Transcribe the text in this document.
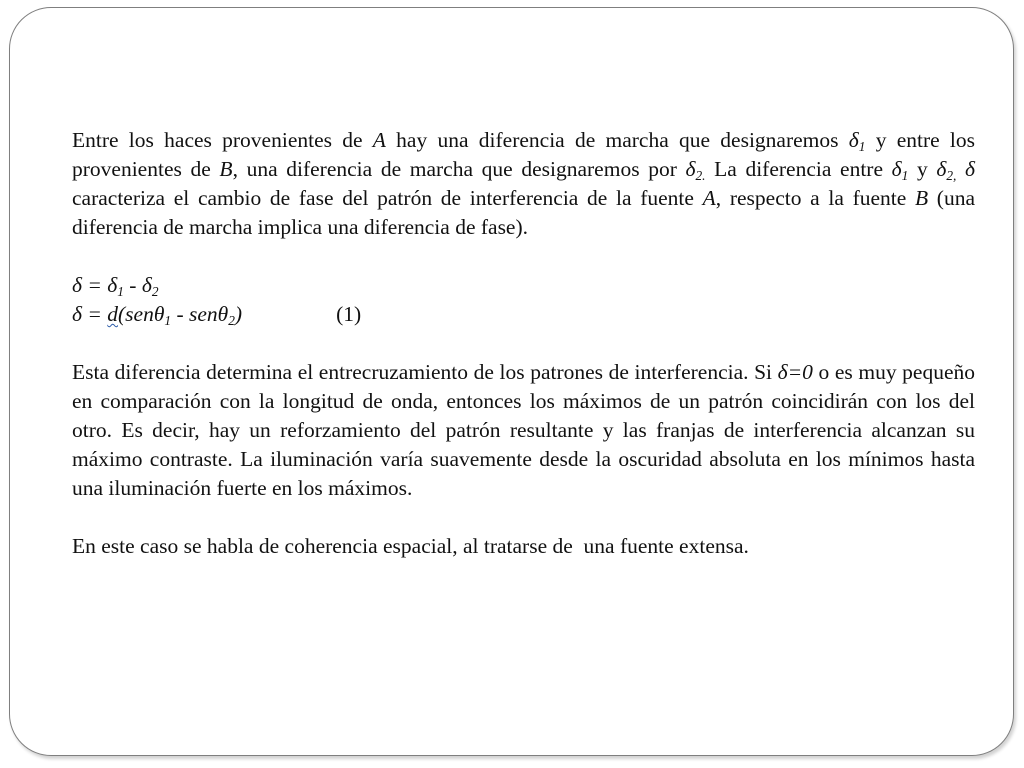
Entre los haces provenientes de A hay una diferencia de marcha que designaremos $\delta_1$ y entre los provenientes de B, una diferencia de marcha que designaremos por $\delta_{2.}$ La diferencia entre $\delta_1$ y $\delta_{2,}$ δ caracteriza el cambio de fase del patrón de interferencia de la fuente A, respecto a la fuente B (una diferencia de marcha implica una diferencia de fase).

$\delta = \delta_1 - \delta_2$

δ = d(senθ$_1$ - senθ$_2$)	(1)

Esta diferencia determina el entrecruzamiento de los patrones de interferencia. Si δ=0 o es muy pequeño en comparación con la longitud de onda, entonces los máximos de un patrón coincidirán con los del otro. Es decir, hay un reforzamiento del patrón resultante y las franjas de interferencia alcanzan su máximo contraste. La iluminación varía suavemente desde la oscuridad absoluta en los mínimos hasta una iluminación fuerte en los máximos.

En este caso se habla de coherencia espacial, al tratarse de  una fuente extensa.
